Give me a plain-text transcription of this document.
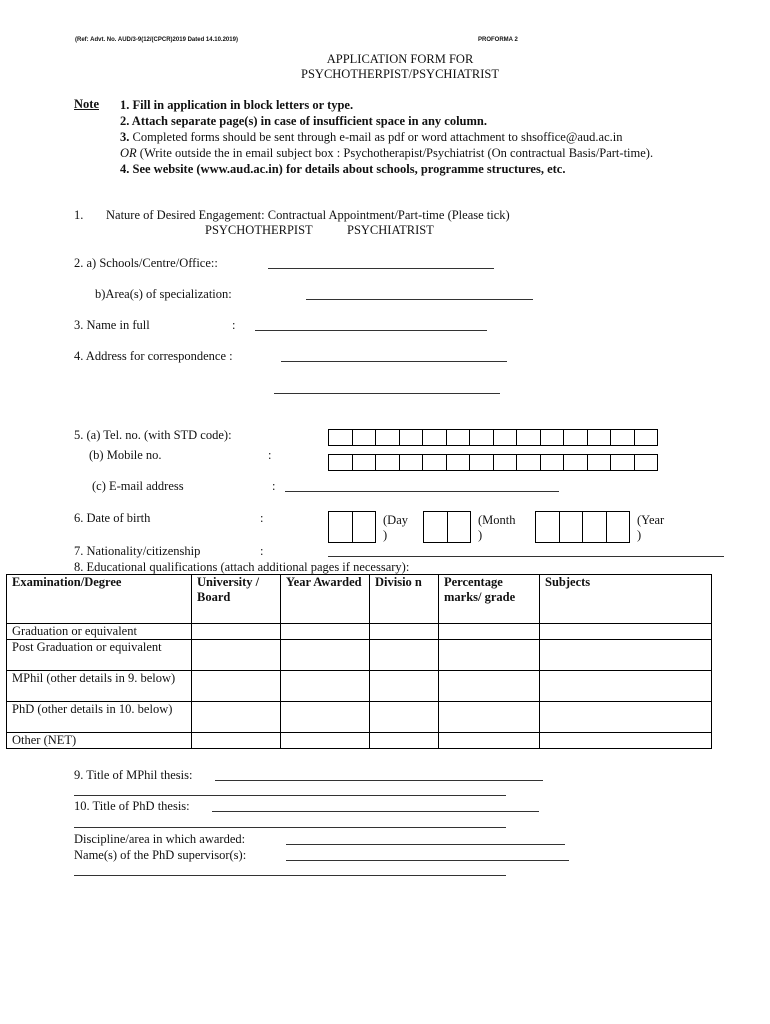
(Ref: Advt. No. AUD/3-9(12/(CPCR)2019 Dated 14.10.2019)	PROFORMA 2
APPLICATION FORM FOR
PSYCHOTHERPIST/PSYCHIATRIST
Note 1. Fill in application in block letters or type.
2. Attach separate page(s) in case of insufficient space in any column.
3. Completed forms should be sent through e-mail as pdf or word attachment to shsoffice@aud.ac.in
OR (Write outside the in email subject box : Psychotherapist/Psychiatrist (On contractual Basis/Part-time).
4. See website (www.aud.ac.in) for details about schools, programme structures, etc.
1. Nature of Desired Engagement: Contractual Appointment/Part-time (Please tick)
PSYCHOTHERPIST	PSYCHIATRIST
2. a) Schools/Centre/Office::
b)Area(s) of specialization:
3. Name in full	:
4. Address for correspondence :
5. (a) Tel. no. (with STD code):
(b) Mobile no.	:
(c) E-mail address	:
6. Date of birth	:	(Day
)
(Month
)
(Year
)
7. Nationality/citizenship	:
8. Educational qualifications (attach additional pages if necessary):
Examination/Degree	University / Board	Year Awarded	Divisio n	Percentage marks/ grade	Subjects
Graduation or equivalent					
Post Graduation or equivalent					
MPhil (other details in 9. below)					
PhD (other details in 10. below)					
Other (NET)					
9. Title of MPhil thesis:
10. Title of PhD thesis:
Discipline/area in which awarded:
Name(s) of the PhD supervisor(s):
